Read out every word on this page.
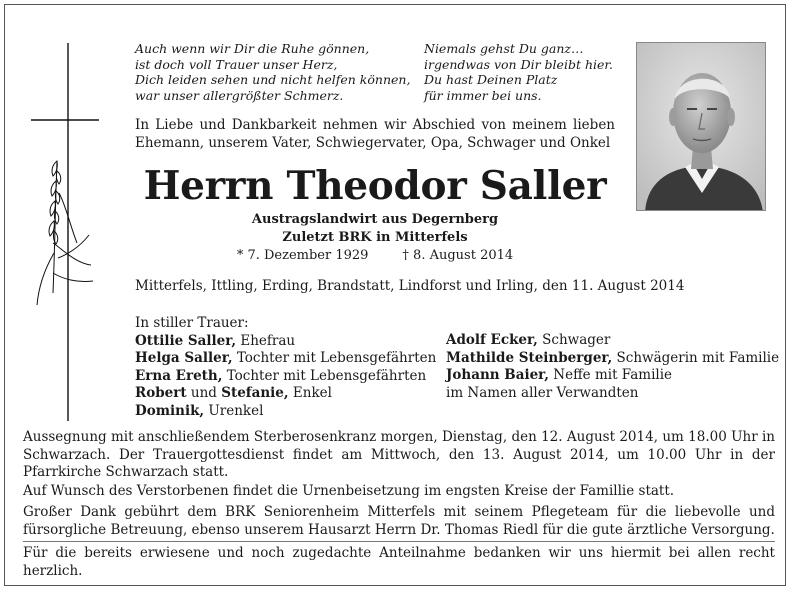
Auch wenn wir Dir die Ruhe gönnen,
ist doch voll Trauer unser Herz,
Dich leiden sehen und nicht helfen können,
war unser allergrößter Schmerz.
Niemals gehst Du ganz…
irgendwas von Dir bleibt hier.
Du hast Deinen Platz
für immer bei uns.

In Liebe und Dankbarkeit nehmen wir Abschied von meinem lieben Ehemann, unserem Vater, Schwiegervater, Opa, Schwager und Onkel

Herrn Theodor Saller
Austragslandwirt aus Degernberg
Zuletzt BRK in Mitterfels
* 7. Dezember 1929	† 8. August 2014
Mitterfels, Ittling, Erding, Brandstatt, Lindforst und Irling, den 11. August 2014
In stiller Trauer:
Ottilie Saller, Ehefrau
Helga Saller, Tochter mit Lebensgefährten
Erna Ereth, Tochter mit Lebensgefährten
Robert und Stefanie, Enkel
Dominik, Urenkel
Adolf Ecker, Schwager
Mathilde Steinberger, Schwägerin mit Familie
Johann Baier, Neffe mit Familie
im Namen aller Verwandten

Aussegnung mit anschließendem Sterberosenkranz morgen, Dienstag, den 12. August 2014, um 18.00 Uhr in Schwarzach. Der Trauergottesdienst findet am Mittwoch, den 13. August 2014, um 10.00 Uhr in der Pfarrkirche Schwarzach statt.

Auf Wunsch des Verstorbenen findet die Urnenbeisetzung im engsten Kreise der Famillie statt.

Großer Dank gebührt dem BRK Seniorenheim Mitterfels mit seinem Pflegeteam für die liebevolle und fürsorgliche Betreuung, ebenso unserem Hausarzt Herrn Dr. Thomas Riedl für die gute ärztliche Versorgung.

Für die bereits erwiesene und noch zugedachte Anteilnahme bedanken wir uns hiermit bei allen recht herzlich.
